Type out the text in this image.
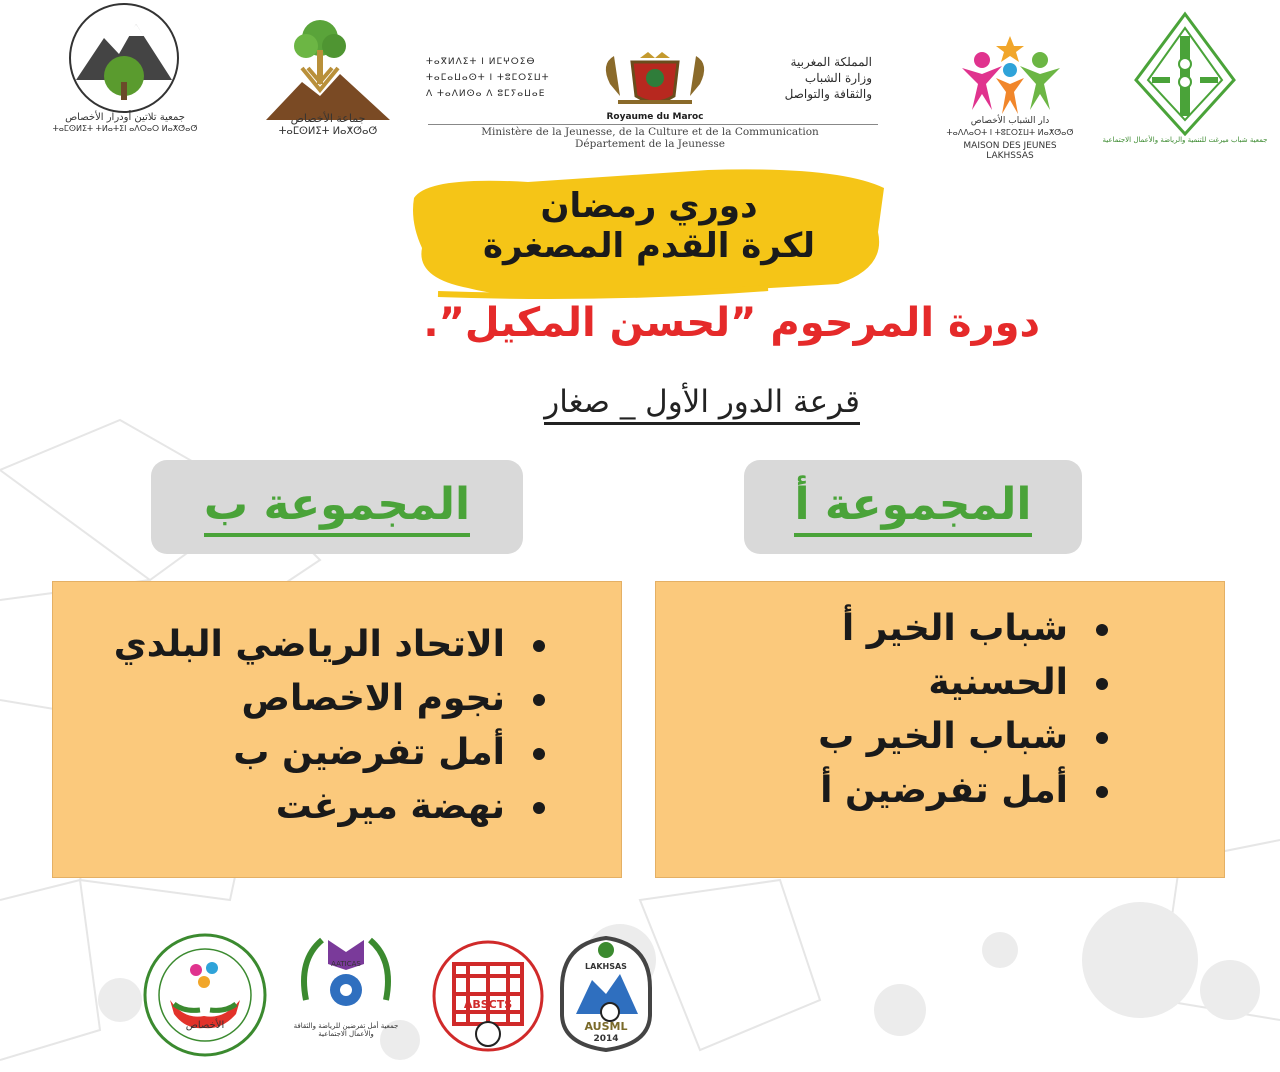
جمعية تلاتين أودرار الأخصاص
ⵜⴰⵎⵙⵍⵉⵜ ⵜⵍⴰⵜⵉⵏ ⴰⴷⵔⴰⵔ ⵍⴰⵅⵚⴰⵚ
جماعة الأخصاص
ⵜⴰⵎⵙⵍⵉⵜ ⵍⴰⵅⵚⴰⵚ
ⵜⴰⴳⵍⴷⵉⵜ ⵏ ⵍⵎⵖⵔⵉⴱ
ⵜⴰⵎⴰⵡⴰⵙⵜ ⵏ ⵜⵓⵎⵔⵉⵡⵜ
ⴷ ⵜⴰⴷⵍⵙⴰ ⴷ ⵓⵎⵢⴰⵡⴰⴹ
المملكة المغربية
وزارة الشباب
والثقافة والتواصل
Royaume du Maroc
Ministère de la Jeunesse, de la Culture et de la Communication
Département de la Jeunesse
دار الشباب الأخصاص
ⵜⴰⴷⴷⴰⵔⵜ ⵏ ⵜⵓⵎⵔⵉⵡⵜ ⵍⴰⵅⵚⴰⵚ
MAISON DES JEUNES
LAKHSSAS
جمعية شباب ميرغت للتنمية والرياضة والأعمال الاجتماعية
دوري رمضان
لكرة القدم المصغرة
دورة المرحوم ”لحسن المكيل”.
قرعة الدور الأول _ صغار
المجموعة أ
المجموعة ب
شباب الخير أ
الحسنية
شباب الخير ب
أمل تفرضين أ
الاتحاد الرياضي البلدي
نجوم الاخصاص
أمل تفرضين ب
نهضة ميرغت
الأخصاص
AATICAS
جمعية أمل تفرضين للرياضة والثقافة والأعمال الاجتماعية
ABSCTS
LAKHSAS
AUSML
2014
